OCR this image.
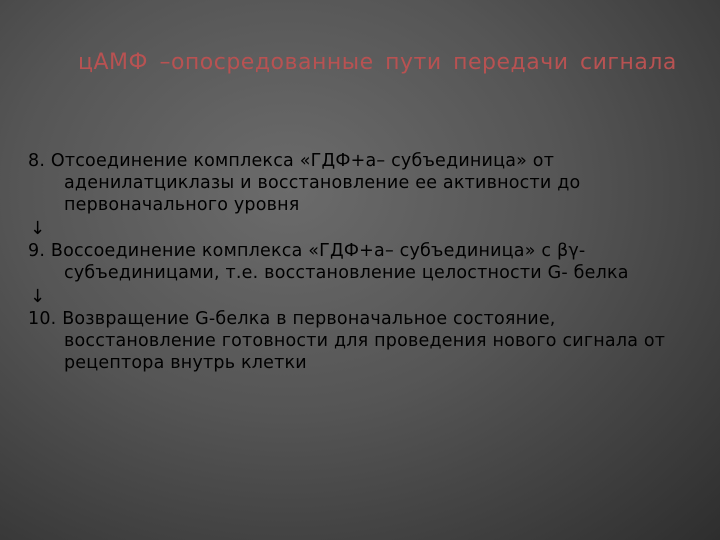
цАМФ –опосредованные пути передачи сигнала

8. Отсоединение комплекса «ГДФ+а– субъединица» от аденилатциклазы и восстановление ее активности до первоначального уровня

↓

9. Воссоединение комплекса «ГДФ+а– субъединица» с βγ-субъединицами, т.е. восстановление целостности G- белка

↓

10. Возвращение G-белка в первоначальное состояние, восстановление готовности для проведения нового сигнала от рецептора внутрь клетки
